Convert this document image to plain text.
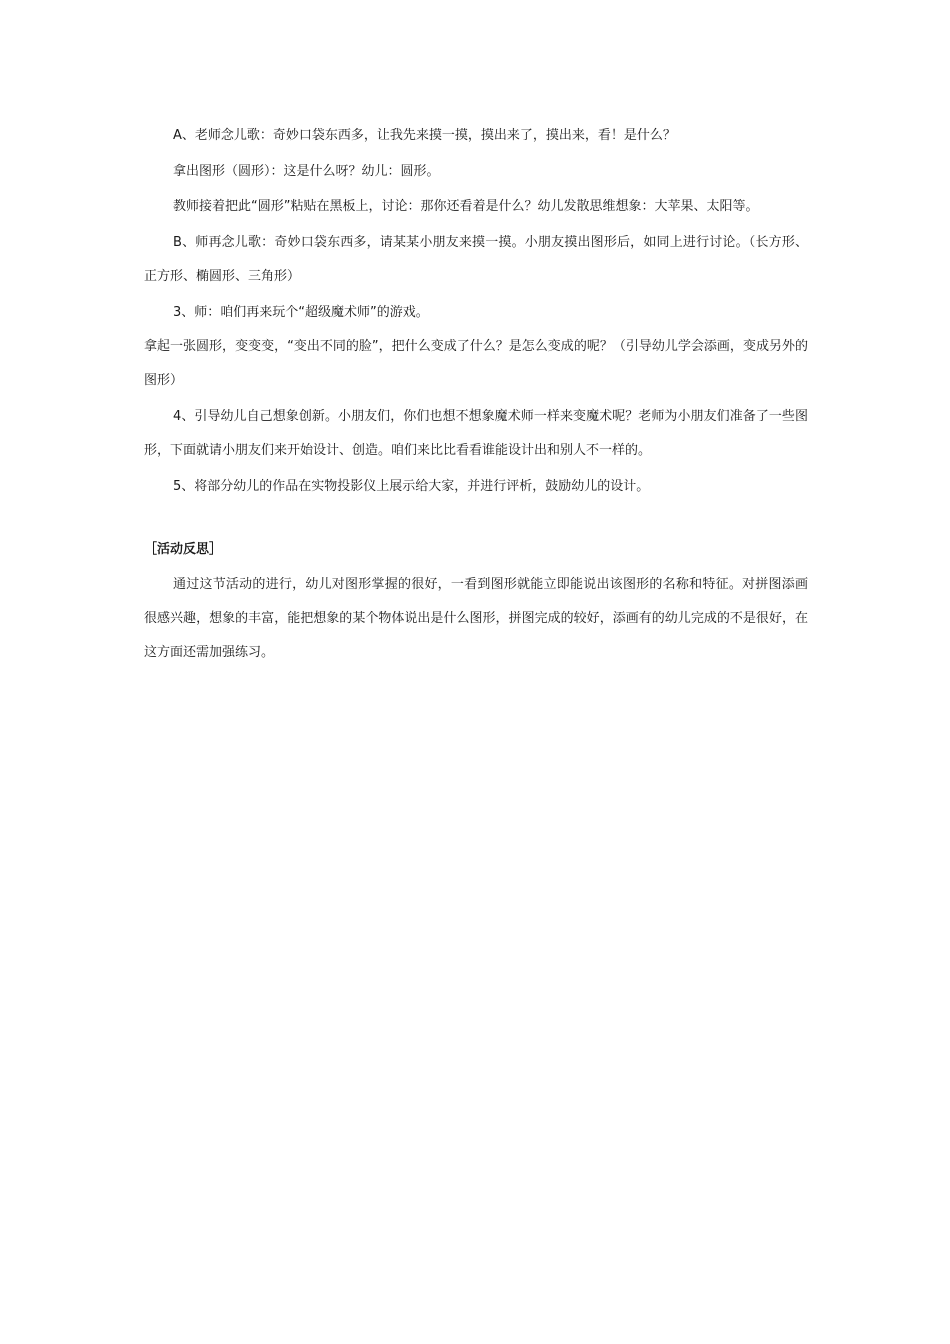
A、老师念儿歌：奇妙口袋东西多，让我先来摸一摸，摸出来了，摸出来，看！是什么？

拿出图形（圆形）：这是什么呀？幼儿：圆形。

教师接着把此“圆形”粘贴在黑板上，讨论：那你还看着是什么？幼儿发散思维想象：大苹果、太阳等。

B、师再念儿歌：奇妙口袋东西多，请某某小朋友来摸一摸。小朋友摸出图形后，如同上进行讨论。（长方形、正方形、椭圆形、三角形）

3、师：咱们再来玩个“超级魔术师”的游戏。

拿起一张圆形，变变变，“变出不同的脸”，把什么变成了什么？是怎么变成的呢？（引导幼儿学会添画，变成另外的图形）

4、引导幼儿自己想象创新。小朋友们，你们也想不想象魔术师一样来变魔术呢？老师为小朋友们准备了一些图形，下面就请小朋友们来开始设计、创造。咱们来比比看看谁能设计出和别人不一样的。

5、将部分幼儿的作品在实物投影仪上展示给大家，并进行评析，鼓励幼儿的设计。

［活动反思］

通过这节活动的进行，幼儿对图形掌握的很好，一看到图形就能立即能说出该图形的名称和特征。对拼图添画很感兴趣，想象的丰富，能把想象的某个物体说出是什么图形，拼图完成的较好，添画有的幼儿完成的不是很好，在这方面还需加强练习。
